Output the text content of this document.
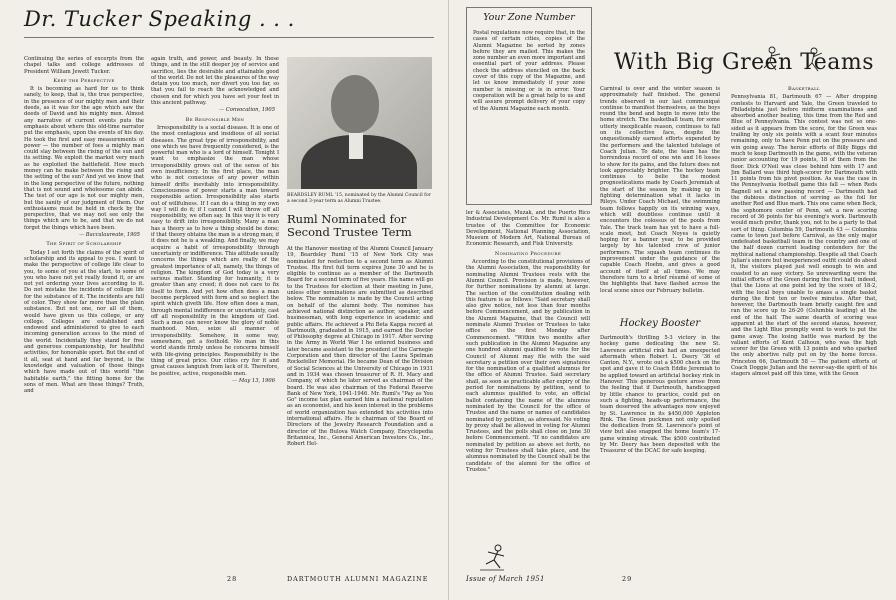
Dr. Tucker Speaking . . .

Continuing the series of excerpts from the chapel talks and college addresses of President William Jewett Tucker.

Keep the Perspective

It is becoming as hard for us to think sanely, to keep, that is, the true perspective, in the presence of our mighty men and their deeds, as it was for the age which saw the deeds of David and his mighty men. Almost any narrative of current events puts the emphasis about where this old-time narrator put the emphasis, upon the events of his day. He took the first and easy measurements of power — the number of foes a mighty man could slay between the rising of the sun and its setting. We exploit the market very much as he exploited the battlefield. How much money can he make between the rising and the setting of the sun? And yet we know that in the long perspective of the future, nothing that is not sound and wholesome can abide. The test of our age is not our mighty men, but the sanity of our judgment of them. Our enthusiasms must be held in check by the perspective, that we may not see only the things which are to be, and that we do not forget the things which have been.

— Baccalaureate, 1905
The Spirit of Scholarship

Today I set forth the claims of the spirit of scholarship and its appeal to you. I want to make the perspective of college life clear to you, to some of you at the start, to some of you who have not yet really found it, or are not yet ordering your lives according to it. Do not mistake the incidents of college life for the substance of it. The incidents are full of color. They show far more than the plain substance. But not one, nor all of them, would have given us this college, or any college. Colleges are established and endowed and administered to give to each incoming generation access to the mind of the world. Incidentally they stand for free and generous companionship, for healthful activities, for honorable sport. But the end of it all, seat at hand and far beyond, is the knowledge and valuation of those things which have made out of this world "the habitable earth," the fitting home for the sons of men. What are these things? Truth, and

again truth, and power, and beauty. In these things, and in the still deeper joy of service and sacrifice, lies the desirable and attainable good of the world. Do not let the pleasures of the way detain you too much, nor divert you too far, so that you fail to reach the acknowledged and chosen end for which you have set your feet in this ancient pathway.

— Convocation, 1905
Be Responsible Men

Irresponsibility is a social disease. It is one of the most contagious and insidious of all social diseases. The great type of irresponsibility, and one which we have frequently considered, is the powerful man who is a lord of himself. Tonight I want to emphasize the man whose irresponsibility grows out of the sense of his own insufficiency. In the first place, the man who is not conscious of any power within himself drifts inevitably into irresponsibility. Consciousness of power starts a man toward responsible action. Irresponsibility also starts out of willfulness. If I can do a thing in my own way I will do it; if I cannot I will throw off all responsibility, we often say. In this way it is very easy to drift into irresponsibility. Many a man has a theory as to how a thing should be done; if that theory obtains the man is a strong man; if it does not he is a weakling. And finally, we may acquire a habit of irresponsibility through uncertainty or indifference. This attitude usually concerns the things which are really of the greatest importance of all, namely, the things of religion. The kingdom of God today is a very serious matter. Standing for humanity, it is greater than any creed; it does not care to fix itself to form. And yet how often does a man become perplexed with form and so neglect the spirit which giveth life. How often does a man, through mental indifference or uncertainty, cast off all responsibility in the kingdom of God. Such a man can never know the glory of noble manhood. Men, seize all manner of irresponsibility. Somehow, in some way, somewhere, get a foothold. No man in this world stands firmly unless he concerns himself with life-giving principles. Responsibility is the thing of great price. Our cities cry for it and great causes languish from lack of it. Therefore, be positive, active, responsible men.

— May 13, 1906
BEARDSLEY RUML '15, nominated by the Alumni Council for a second 3-year term as Alumni Trustee.
Ruml Nominated for Second Trustee Term
At the Hanover meeting of the Alumni Council January 19, Beardsley Ruml '15 of New York City was nominated for reelection to a second term as Alumni Trustee. His first full term expires June 30 and he is eligible to continue as a member of the Dartmouth Board for a second term of five years. His name will go to the Trustees for election at their meeting in June, unless other nominations are submitted as described below. The nomination is made by the Council acting on behalf of the alumni body. The nominee has achieved national distinction as author, speaker, and businessman, with long experience in academic and public affairs. He achieved a Phi Beta Kappa record at Dartmouth, graduated in 1915, and earned the Doctor of Philosophy degree at Chicago in 1917. After serving in the Army in World War I he entered business and later became assistant to the president of the Carnegie Corporation and then director of the Laura Spelman Rockefeller Memorial. He became Dean of the Division of Social Sciences at the University of Chicago in 1931 and in 1934 was chosen treasurer of R. H. Macy and Company, of which he later served as chairman of the board. He was also chairman of the Federal Reserve Bank of New York, 1941-1946. Mr. Ruml's "Pay as You Go" income tax plan earned him a national reputation as an economist, and his keen interest in the problems of world organization has extended his activities into international affairs. He is chairman of the Board of Directors of the Jewelry Research Foundation and a director of the Bulova Watch Company, Encyclopedia Britannica, Inc., General American Investors Co., Inc., Robert Hel-
28	DARTMOUTH ALUMNI MAGAZINE
Your Zone Number
Postal regulations now require that, in the cases of certain cities, copies of the Alumni Magazine be sorted by zones before they are mailed. This makes the zone number an even more important and essential part of your address. Please check the address stenciled on the back cover of this copy of the Magazine, and let us know immediately if your zone number is missing or is in error. Your cooperation will be a great help to us and will assure prompt delivery of your copy of the Alumni Magazine each month.

ler & Associates, Muzak, and the Puerto Rico Industrial Development Co. Mr. Ruml is also a trustee of the Committee for Economic Development, National Planning Association, Museum of Modern Art, National Bureau of Economic Research, and Fisk University.

Nominating Procedure

According to the constitutional provisions of the Alumni Association, the responsibility for nominating Alumni Trustees rests with the Alumni Council. Provision is made, however, for further nominations by alumni at large. The section of the constitution dealing with this feature is as follows: "Said secretary shall also give notice, not less than four months before Commencement, and by publication in the Alumni Magazine, that the Council will nominate Alumni Trustee or Trustees to take office on the first Monday after Commencement. "Within two months after such publication in the Alumni Magazine any one hundred alumni qualified to vote for the Council of Alumni may file with the said secretary a petition over their own signatures for the nomination of a qualified alumnus for the office of Alumni Trustee. Said secretary shall, as soon as practicable after expiry of the period for nominations by petition, send to each alumnus qualified to vote, an official ballot containing the name of the alumnus nominated by the Council for the office of Trustee and the name or names of candidates nominated by petition, as aforesaid. No voting by proxy shall be allowed in voting for Alumni Trustees, and the polls shall close on June 30 before Commencement. "If no candidates are nominated by petition as above set forth, no voting for Trustees shall take place, and the alumnus nominated by the Council shall be the candidate of the alumni for the office of Trustee."

Issue of March 1951
Hockey Booster
Dartmouth's thrilling 5-3 victory in the hockey game dedicating the new St. Lawrence artificial rink had an unexpected aftermath when Robert L. Deery '36 of Canton, N.Y., wrote out a $500 check on the spot and gave it to Coach Eddie Jeremiah to be applied toward an artificial hockey rink in Hanover. This generous gesture arose from the feeling that if Dartmouth, handicapped by little chance to practice, could put on such a fighting, heads-up performance, the team deserved the advantages now enjoyed by St. Lawrence in its $450,000 Appleton Rink. The Green puckmen not only spoiled the dedication from St. Lawrence's point of view but also snapped the home team's 17-game winning streak. The $500 contributed by Mr. Deery has been deposited with the Treasurer of the DCAC for safe keeping.
With Big Green Teams
Carnival is over and the winter season is approximately half finished. The general trends observed in our last communiqué continue to manifest themselves, as the boys round the bend and begin to move into the home stretch. The basketball team, for some utterly inexplicable reason, continues to fall on its collective face, despite the unquestionably earnest efforts expended by the performers and the talented tutelage of Coach Julian. To date, the team has the horrendous record of one win and 16 losses to show for its pains, and the future does not look appreciably brighter. The hockey team continues to belie the modest prognostications made by Coach Jeremiah at the start of the season by making up in fighting determination what it lacks in Rileys. Under Coach Michael, the swimming team follows happily on its winning ways, which will doubtless continue until it encounters the colossus of the pools from Yale. The track team has yet to have a full-scale meet, but Coach Noyes is quietly hoping for a banner year, to be provided largely by his talented crew of junior performers. The squash team continues its improvement under the guidance of the capable Coach Hoehn, and gives a good account of itself at all times. We may therefore turn to a brief résumé of some of the highlights that have flashed across the local scene since our February bulletin.
Basketball

Pennsylvania 81, Dartmouth 67 — After dropping contests to Harvard and Yale, the Green traveled to Philadelphia just before midterm examinations and absorbed another beating, this time from the Red and Blue of Pennsylvania. This contest was not so one-sided as it appears from the score, for the Green was trailing by only six points with a scant four minutes remaining, only to have Penn put on the pressure and win going away. The heroic efforts of Billy Biggs did much to keep Dartmouth in the game, with the veteran junior accounting for 19 points, 18 of them from the floor. Dick O'Neil was close behind him with 17 and Jim Ballard was third high-scorer for Dartmouth with 11 points from his pivot position. As was the case in the Pennsylvania football game this fall — when Reds Bagnell set a new passing record — Dartmouth had the dubious distinction of serving as the foil for another Red and Blue mark. This one came when Beck, the sophomore center of Penn, set a new scoring record of 36 points for his evening's work. Dartmouth would much prefer, thank you, not to be a party to that sort of thing. Columbia 59, Dartmouth 43 — Columbia came to town just before Carnival, as the only major undefeated basketball team in the country and one of the half dozen current leading contenders for the mythical national championship. Despite all that Coach Julian's sincere but inexperienced outfit could do about it, the visitors played just well enough to win and coasted to an easy victory. So unrewarding were the initial efforts of the Green during the first half, indeed, that the Lions at one point led by the score of 18-2, with the local boys unable to amass a single basket during the first ten or twelve minutes. After that, however, the Dartmouth team briefly caught fire and ran the score up to 26-20 (Columbia leading) at the end of the half. The same dearth of scoring was apparent at the start of the second stanza, however, and the Light Blue promptly went to work to put the game away. The losing battle was marked by the valiant efforts of Kent Calhoun, who was the high scorer for the Green with 13 points and who sparked the only abortive rally put on by the home forces. Princeton 66, Dartmouth 58 — The patient efforts of Coach Doggie Julian and the never-say-die spirit of his stagers almost paid off this time, with the Green

29
